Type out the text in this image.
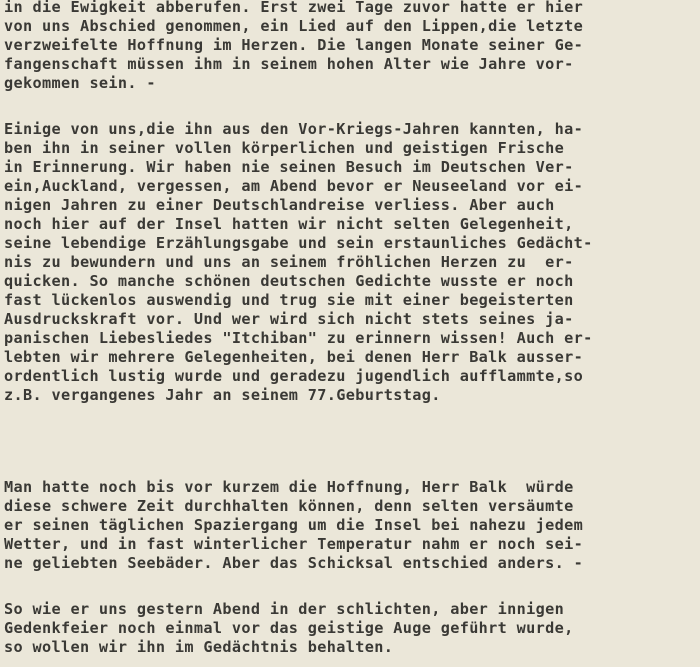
in die Ewigkeit abberufen. Erst zwei Tage zuvor hatte er hier
von uns Abschied genommen, ein Lied auf den Lippen,die letzte
verzweifelte Hoffnung im Herzen. Die langen Monate seiner Ge-
fangenschaft müssen ihm in seinem hohen Alter wie Jahre vor-
gekommen sein. -

Einige von uns,die ihn aus den Vor-Kriegs-Jahren kannten, ha-
ben ihn in seiner vollen körperlichen und geistigen Frische
in Erinnerung. Wir haben nie seinen Besuch im Deutschen Ver-
ein,Auckland, vergessen, am Abend bevor er Neuseeland vor ei-
nigen Jahren zu einer Deutschlandreise verliess. Aber auch
noch hier auf der Insel hatten wir nicht selten Gelegenheit,
seine lebendige Erzählungsgabe und sein erstaunliches Gedächt-
nis zu bewundern und uns an seinem fröhlichen Herzen zu  er-
quicken. So manche schönen deutschen Gedichte wusste er noch
fast lückenlos auswendig und trug sie mit einer begeisterten
Ausdruckskraft vor. Und wer wird sich nicht stets seines ja-
panischen Liebesliedes "Itchiban" zu erinnern wissen! Auch er-
lebten wir mehrere Gelegenheiten, bei denen Herr Balk ausser-
ordentlich lustig wurde und geradezu jugendlich aufflammte,so
z.B. vergangenes Jahr an seinem 77.Geburtstag.

Man hatte noch bis vor kurzem die Hoffnung, Herr Balk  würde
diese schwere Zeit durchhalten können, denn selten versäumte
er seinen täglichen Spaziergang um die Insel bei nahezu jedem
Wetter, und in fast winterlicher Temperatur nahm er noch sei-
ne geliebten Seebäder. Aber das Schicksal entschied anders. -

So wie er uns gestern Abend in der schlichten, aber innigen
Gedenkfeier noch einmal vor das geistige Auge geführt wurde,
so wollen wir ihn im Gedächtnis behalten.
